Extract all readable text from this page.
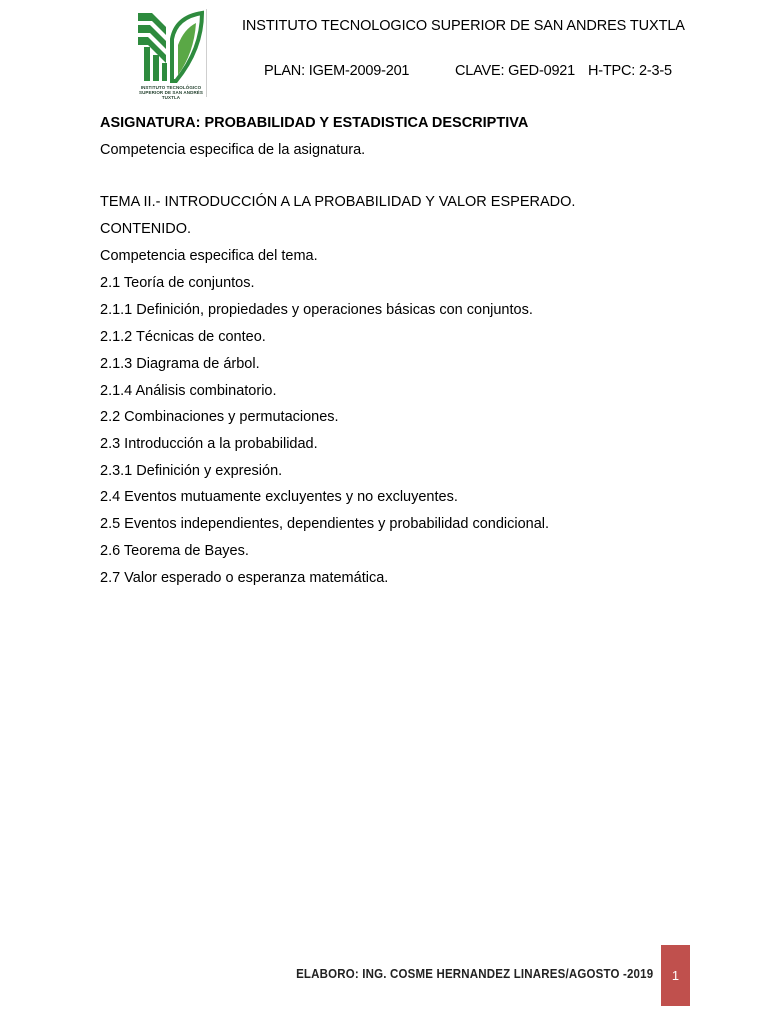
INSTITUTO TECNOLÓGICO SUPERIOR DE SAN ANDRÉS TUXTLA
INSTITUTO TECNOLOGICO SUPERIOR DE SAN ANDRES TUXTLA
PLAN: IGEM-2009-201	CLAVE: GED-0921 H-TPC: 2-3-5
ASIGNATURA: PROBABILIDAD Y ESTADISTICA DESCRIPTIVA
Competencia especifica de la asignatura.
TEMA II.- INTRODUCCIÓN A LA PROBABILIDAD Y VALOR ESPERADO.
CONTENIDO.
Competencia especifica del tema.
2.1 Teoría de conjuntos.
2.1.1 Definición, propiedades y operaciones básicas con conjuntos.
2.1.2 Técnicas de conteo.
2.1.3 Diagrama de árbol.
2.1.4 Análisis combinatorio.
2.2 Combinaciones y permutaciones.
2.3 Introducción a la probabilidad.
2.3.1 Definición y expresión.
2.4 Eventos mutuamente excluyentes y no excluyentes.
2.5 Eventos independientes, dependientes y probabilidad condicional.
2.6 Teorema de Bayes.
2.7 Valor esperado o esperanza matemática.
ELABORO: ING. COSME HERNANDEZ LINARES/AGOSTO -2019	1
